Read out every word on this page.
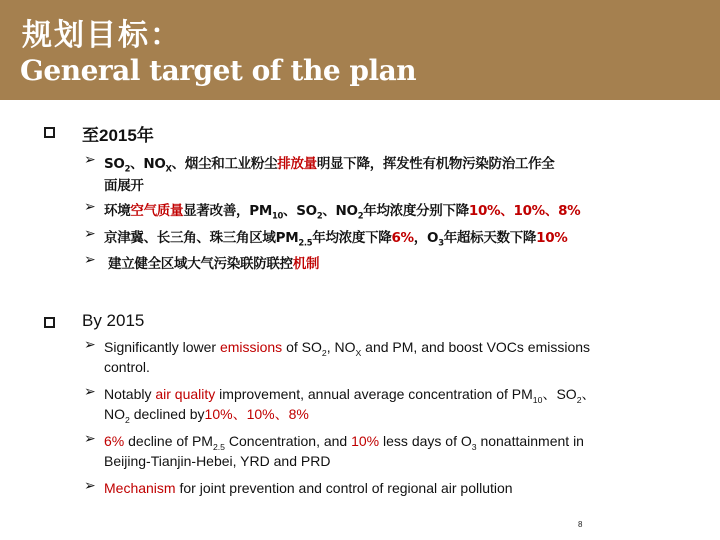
规划目标：
General target of the plan
至2015年
➢ $SO_2$、$NO_X$、烟尘和工业粉尘排放量明显下降，挥发性有机物污染防治工作全
面展开
➢ 环境空气质量显著改善，$PM_{10}$、$SO_2$、$NO_2$年均浓度分别下降10%、10%、8%
➢ 京津冀、长三角、珠三角区域$PM_{2.5}$年均浓度下降6%，$O_3$年超标天数下降10%
➢ 建立健全区域大气污染联防联控机制
By 2015
➢ Significantly lower emissions of $SO_2$, $NO_X$ and PM, and boost VOCs emissions
control.
➢ Notably air quality improvement, annual average concentration of $PM_{10}$、$SO_2$、
$NO_2$ declined by10%、10%、8%
➢ 6% decline of $PM_{2.5}$ Concentration, and 10% less days of $O_3$ nonattainment in
Beijing-Tianjin-Hebei, YRD and PRD
➢ Mechanism for joint prevention and control of regional air pollution
8
